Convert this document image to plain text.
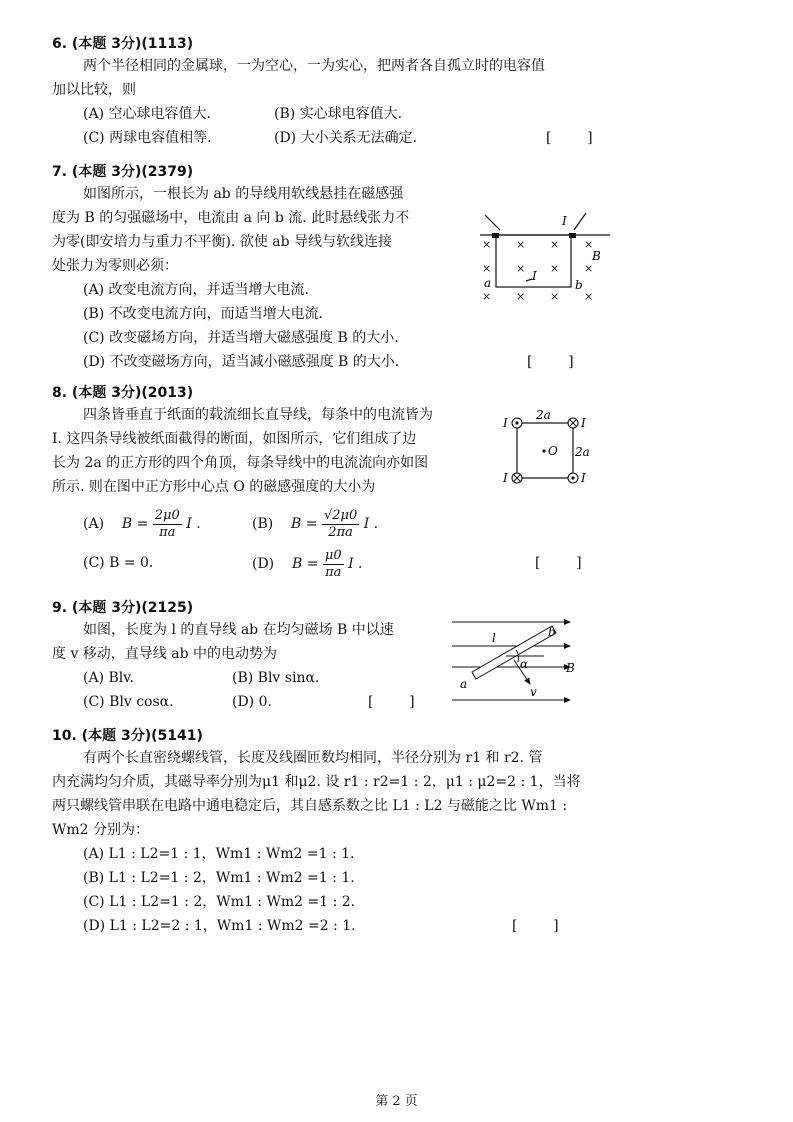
6. (本题 3分)(1113)
两个半径相同的金属球，一为空心，一为实心，把两者各自孤立时的电容值
加以比较，则
(A) 空心球电容值大.	(B) 实心球电容值大.
(C) 两球电容值相等.	(D) 大小关系无法确定.	[        ]
7. (本题 3分)(2379)
如图所示，一根长为 ab 的导线用软线悬挂在磁感强
度为 B 的匀强磁场中，电流由 a 向 b 流. 此时悬线张力不
为零(即安培力与重力不平衡). 欲使 ab 导线与软线连接
处张力为零则必须：
(A) 改变电流方向，并适当增大电流.
(B) 不改变电流方向，而适当增大电流.
(C) 改变磁场方向，并适当增大磁感强度 B 的大小.
(D) 不改变磁场方向，适当减小磁感强度 B 的大小.	[        ]
× × × ×
× × × ×
× × × ×
I
I
B
a	b
8. (本题 3分)(2013)
四条皆垂直于纸面的载流细长直导线，每条中的电流皆为
I. 这四条导线被纸面截得的断面，如图所示，它们组成了边
长为 2a 的正方形的四个角顶，每条导线中的电流流向亦如图
所示. 则在图中正方形中心点 O 的磁感强度的大小为
(A) $B = \frac{2\mu 0}{\pi a}$ I .	(B) $B = \frac{√2\mu 0}{2\pi a}$ I .
(C) B = 0.	(D) $B = \frac{\mu 0}{\pi a}$ I .	[        ]
2a
2a
O
I	I
I	I
9. (本题 3分)(2125)
如图，长度为 l 的直导线 ab 在均匀磁场 B 中以速
度 v 移动，直导线 ab 中的电动势为
(A) Blv.	(B) Blv sinα.
(C) Blv cosα.	(D) 0.	[        ]
l	b
a
α	B
v
10. (本题 3分)(5141)
有两个长直密绕螺线管，长度及线圈匝数均相同，半径分别为 r1 和 r2. 管
内充满均匀介质，其磁导率分别为μ1 和μ2. 设 r1 : r2=1 : 2，μ1 : μ2=2 : 1，当将
两只螺线管串联在电路中通电稳定后，其自感系数之比 L1 : L2 与磁能之比 Wm1 :
Wm2 分别为：
(A) L1 : L2=1 : 1，Wm1 : Wm2 =1 : 1.
(B) L1 : L2=1 : 2，Wm1 : Wm2 =1 : 1.
(C) L1 : L2=1 : 2，Wm1 : Wm2 =1 : 2.
(D) L1 : L2=2 : 1，Wm1 : Wm2 =2 : 1.	[        ]
第 2 页
